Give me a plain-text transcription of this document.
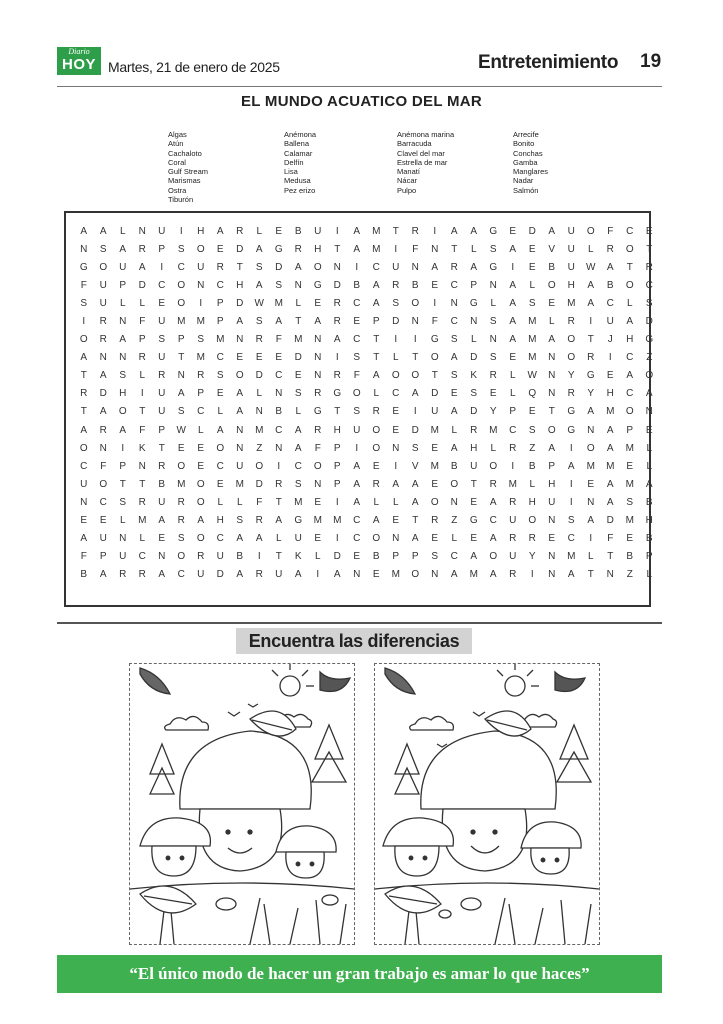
Diario
HOY Martes, 21 de enero de 2025	Entretenimiento 19
EL MUNDO ACUATICO DEL MAR
Algas
Atún
Cachaloto
Coral
Gulf Stream
Marismas
Ostra
Tiburón
Anémona
Ballena
Calamar
Delfín
Lisa
Medusa
Pez erizo
Anémona marina
Barracuda
Clavel del mar
Estrella de mar
Manatí
Nácar
Pulpo
Arrecife
Bonito
Conchas
Gamba
Manglares
Nadar
Salmón
A	A	L	N	U	I	H	A	R	L	E	B	U	I	A	M	T	R	I	A	A	G	E	D	A	U	O	F	C	E
N	S	A	R	P	S	O	E	D	A	G	R	H	T	A	M	I	F	N	T	L	S	A	E	V	U	L	R	O	T
G	O	U	A	I	C	U	R	T	S	D	A	O	N	I	C	U	N	A	R	A	G	I	E	B	U	W	A	T	R
F	U	P	D	C	O	N	C	H	A	S	N	G	D	B	A	R	B	E	C	P	N	A	L	O	H	A	B	O	C
S	U	L	L	E	O	I	P	D	W	M	L	E	R	C	A	S	O	I	N	G	L	A	S	E	M	A	C	L	S
I	R	N	F	U	M	M	P	A	S	A	T	A	R	E	P	D	N	F	C	N	S	A	M	L	R	I	U	A	D
O	R	A	P	S	P	S	M	N	R	F	M	N	A	C	T	I	I	G	S	L	N	A	M	A	O	T	J	H	G
A	N	N	R	U	T	M	C	E	E	E	D	N	I	S	T	L	T	O	A	D	S	E	M	N	O	R	I	C	Z
T	A	S	L	R	N	R	S	O	D	C	E	N	R	F	A	O	O	T	S	K	R	L	W	N	Y	G	E	A	O
R	D	H	I	U	A	P	E	A	L	N	S	R	G	O	L	C	A	D	E	S	E	L	Q	N	R	Y	H	C	A
T	A	O	T	U	S	C	L	A	N	B	L	G	T	S	R	E	I	U	A	D	Y	P	E	T	G	A	M	O	N
A	R	A	F	P	W	L	A	N	M	C	A	R	H	U	O	E	D	M	L	R	M	C	S	O	G	N	A	P	E
O	N	I	K	T	E	E	O	N	Z	N	A	F	P	I	O	N	S	E	A	H	L	R	Z	A	I	O	A	M	L
C	F	P	N	R	O	E	C	U	O	I	C	O	P	A	E	I	V	M	B	U	O	I	B	P	A	M	M	E	L
U	O	T	T	B	M	O	E	M	D	R	S	N	P	A	R	A	A	E	O	T	R	M	L	H	I	E	A	M	A
N	C	S	R	U	R	O	L	L	F	T	M	E	I	A	L	L	A	O	N	E	A	R	H	U	I	N	A	S	B
E	E	L	M	A	R	A	H	S	R	A	G	M	M	C	A	E	T	R	Z	G	C	U	O	N	S	A	D	M	H
A	U	N	L	E	S	O	C	A	A	L	U	E	I	C	O	N	A	E	L	E	A	R	R	E	C	I	F	E	B
F	P	U	C	N	O	R	U	B	I	T	K	L	D	E	B	P	P	S	C	A	O	U	Y	N	M	L	T	B	P
B	A	R	R	A	C	U	D	A	R	U	A	I	A	N	E	M	O	N	A	M	A	R	I	N	A	T	N	Z	L
Encuentra las diferencias
“El único modo de hacer un gran trabajo es amar lo que haces”
